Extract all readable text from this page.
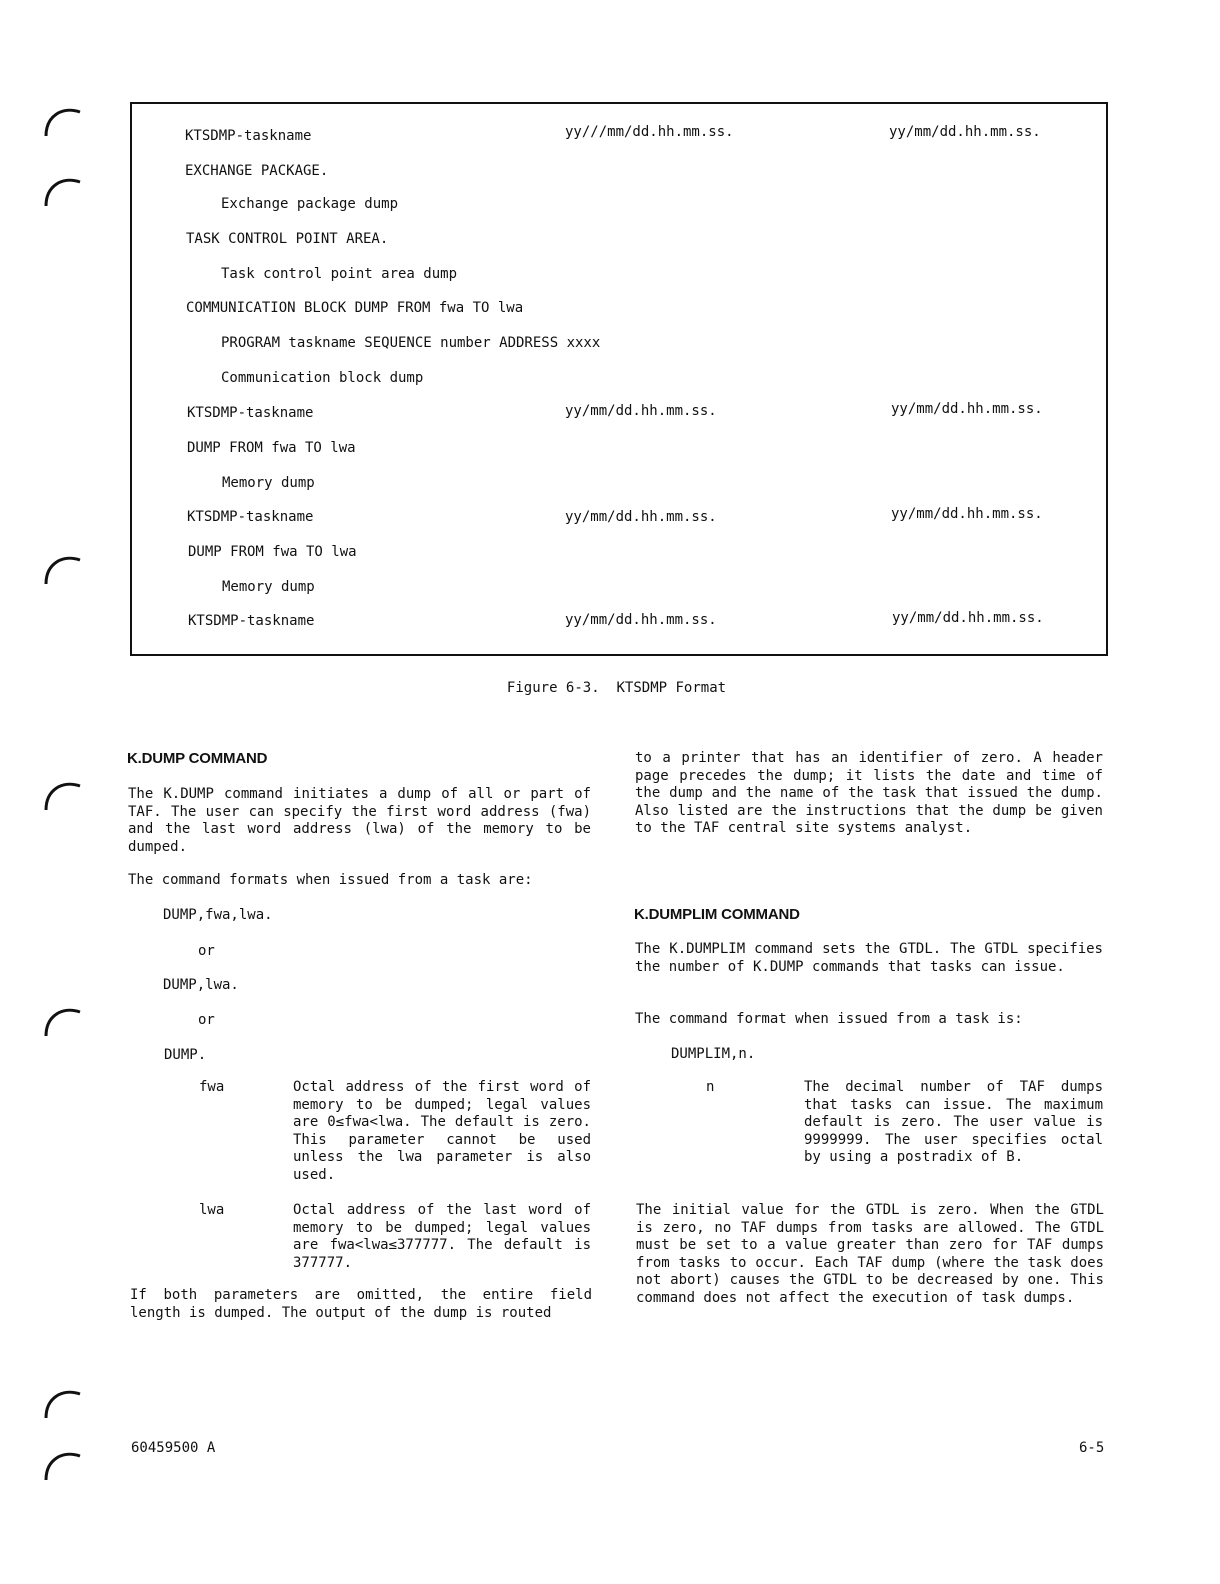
KTSDMP-taskname	yy///mm/dd.hh.mm.ss.	yy/mm/dd.hh.mm.ss.
EXCHANGE PACKAGE.
Exchange package dump
TASK CONTROL POINT AREA.
Task control point area dump
COMMUNICATION BLOCK DUMP FROM fwa TO lwa
PROGRAM taskname SEQUENCE number ADDRESS xxxx
Communication block dump
KTSDMP-taskname	yy/mm/dd.hh.mm.ss.	yy/mm/dd.hh.mm.ss.
DUMP FROM fwa TO lwa
Memory dump
KTSDMP-taskname	yy/mm/dd.hh.mm.ss.	yy/mm/dd.hh.mm.ss.
DUMP FROM fwa TO lwa
Memory dump
KTSDMP-taskname	yy/mm/dd.hh.mm.ss.	yy/mm/dd.hh.mm.ss.
Figure 6-3.  KTSDMP Format
K.DUMP COMMAND

The K.DUMP command initiates a dump of all or part of TAF. The user can specify the first word address (fwa) and the last word address (lwa) of the memory to be dumped.

The command formats when issued from a task are:
DUMP,fwa,lwa.
or
DUMP,lwa.
or
DUMP.
fwa	Octal address of the first word of memory to be dumped; legal values are 0≤fwa<lwa. The default is zero. This parameter cannot be used unless the lwa parameter is also used.
lwa	Octal address of the last word of memory to be dumped; legal values are fwa<lwa≤377777. The default is 377777.

If both parameters are omitted, the entire field length is dumped. The output of the dump is routed

to a printer that has an identifier of zero. A header page precedes the dump; it lists the date and time of the dump and the name of the task that issued the dump. Also listed are the instructions that the dump be given to the TAF central site systems analyst.

K.DUMPLIM COMMAND

The K.DUMPLIM command sets the GTDL. The GTDL specifies the number of K.DUMP commands that tasks can issue.

The command format when issued from a task is:
DUMPLIM,n.
n	The decimal number of TAF dumps that tasks can issue. The maximum default is zero. The user value is 9999999. The user specifies octal by using a postradix of B.

The initial value for the GTDL is zero. When the GTDL is zero, no TAF dumps from tasks are allowed. The GTDL must be set to a value greater than zero for TAF dumps from tasks to occur. Each TAF dump (where the task does not abort) causes the GTDL to be decreased by one. This command does not affect the execution of task dumps.

60459500 A	6-5
